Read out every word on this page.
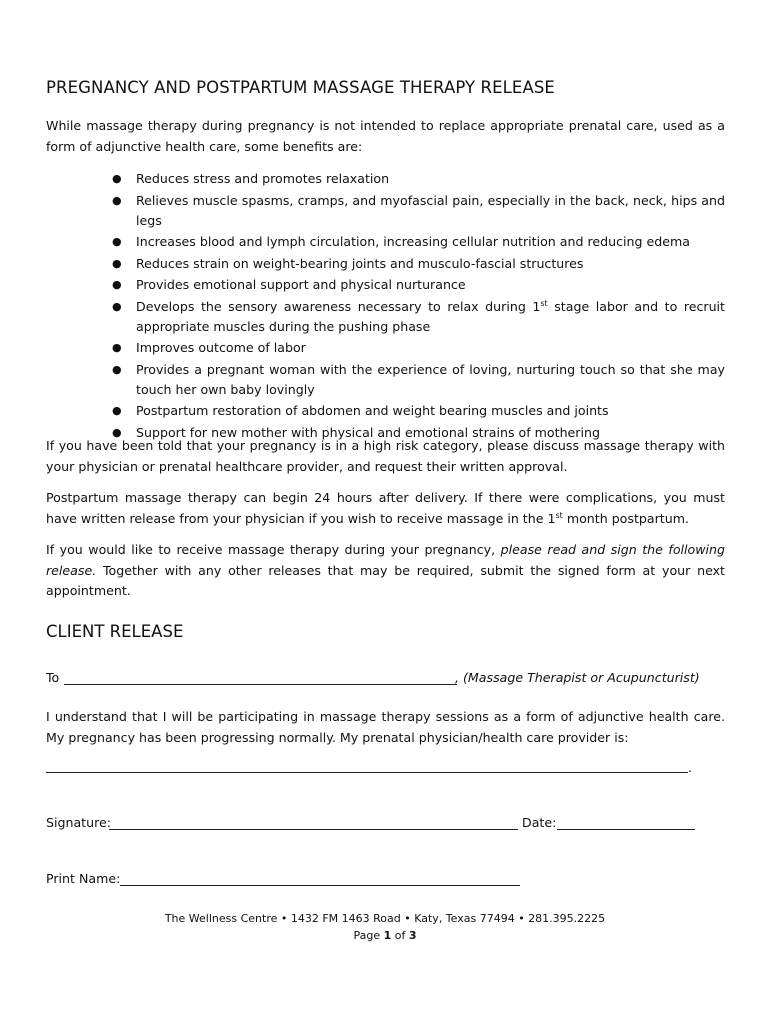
PREGNANCY AND POSTPARTUM MASSAGE THERAPY RELEASE

While massage therapy during pregnancy is not intended to replace appropriate prenatal care, used as a form of adjunctive health care, some benefits are:

● Reduces stress and promotes relaxation
● Relieves muscle spasms, cramps, and myofascial pain, especially in the back, neck, hips and legs
● Increases blood and lymph circulation, increasing cellular nutrition and reducing edema
● Reduces strain on weight-bearing joints and musculo-fascial structures
● Provides emotional support and physical nurturance
● Develops the sensory awareness necessary to relax during 1st stage labor and to recruit appropriate muscles during the pushing phase
● Improves outcome of labor
● Provides a pregnant woman with the experience of loving, nurturing touch so that she may touch her own baby lovingly
● Postpartum restoration of abdomen and weight bearing muscles and joints
● Support for new mother with physical and emotional strains of mothering

If you have been told that your pregnancy is in a high risk category, please discuss massage therapy with your physician or prenatal healthcare provider, and request their written approval.

Postpartum massage therapy can begin 24 hours after delivery. If there were complications, you must have written release from your physician if you wish to receive massage in the 1st month postpartum.

If you would like to receive massage therapy during your pregnancy, please read and sign the following release. Together with any other releases that may be required, submit the signed form at your next appointment.

CLIENT RELEASE
To	, (Massage Therapist or Acupuncturist)

I understand that I will be participating in massage therapy sessions as a form of adjunctive health care. My pregnancy has been progressing normally. My prenatal physician/health care provider is:

.
Signature:	Date:
Print Name:
The Wellness Centre • 1432 FM 1463 Road • Katy, Texas 77494 • 281.395.2225
Page 1 of 3
